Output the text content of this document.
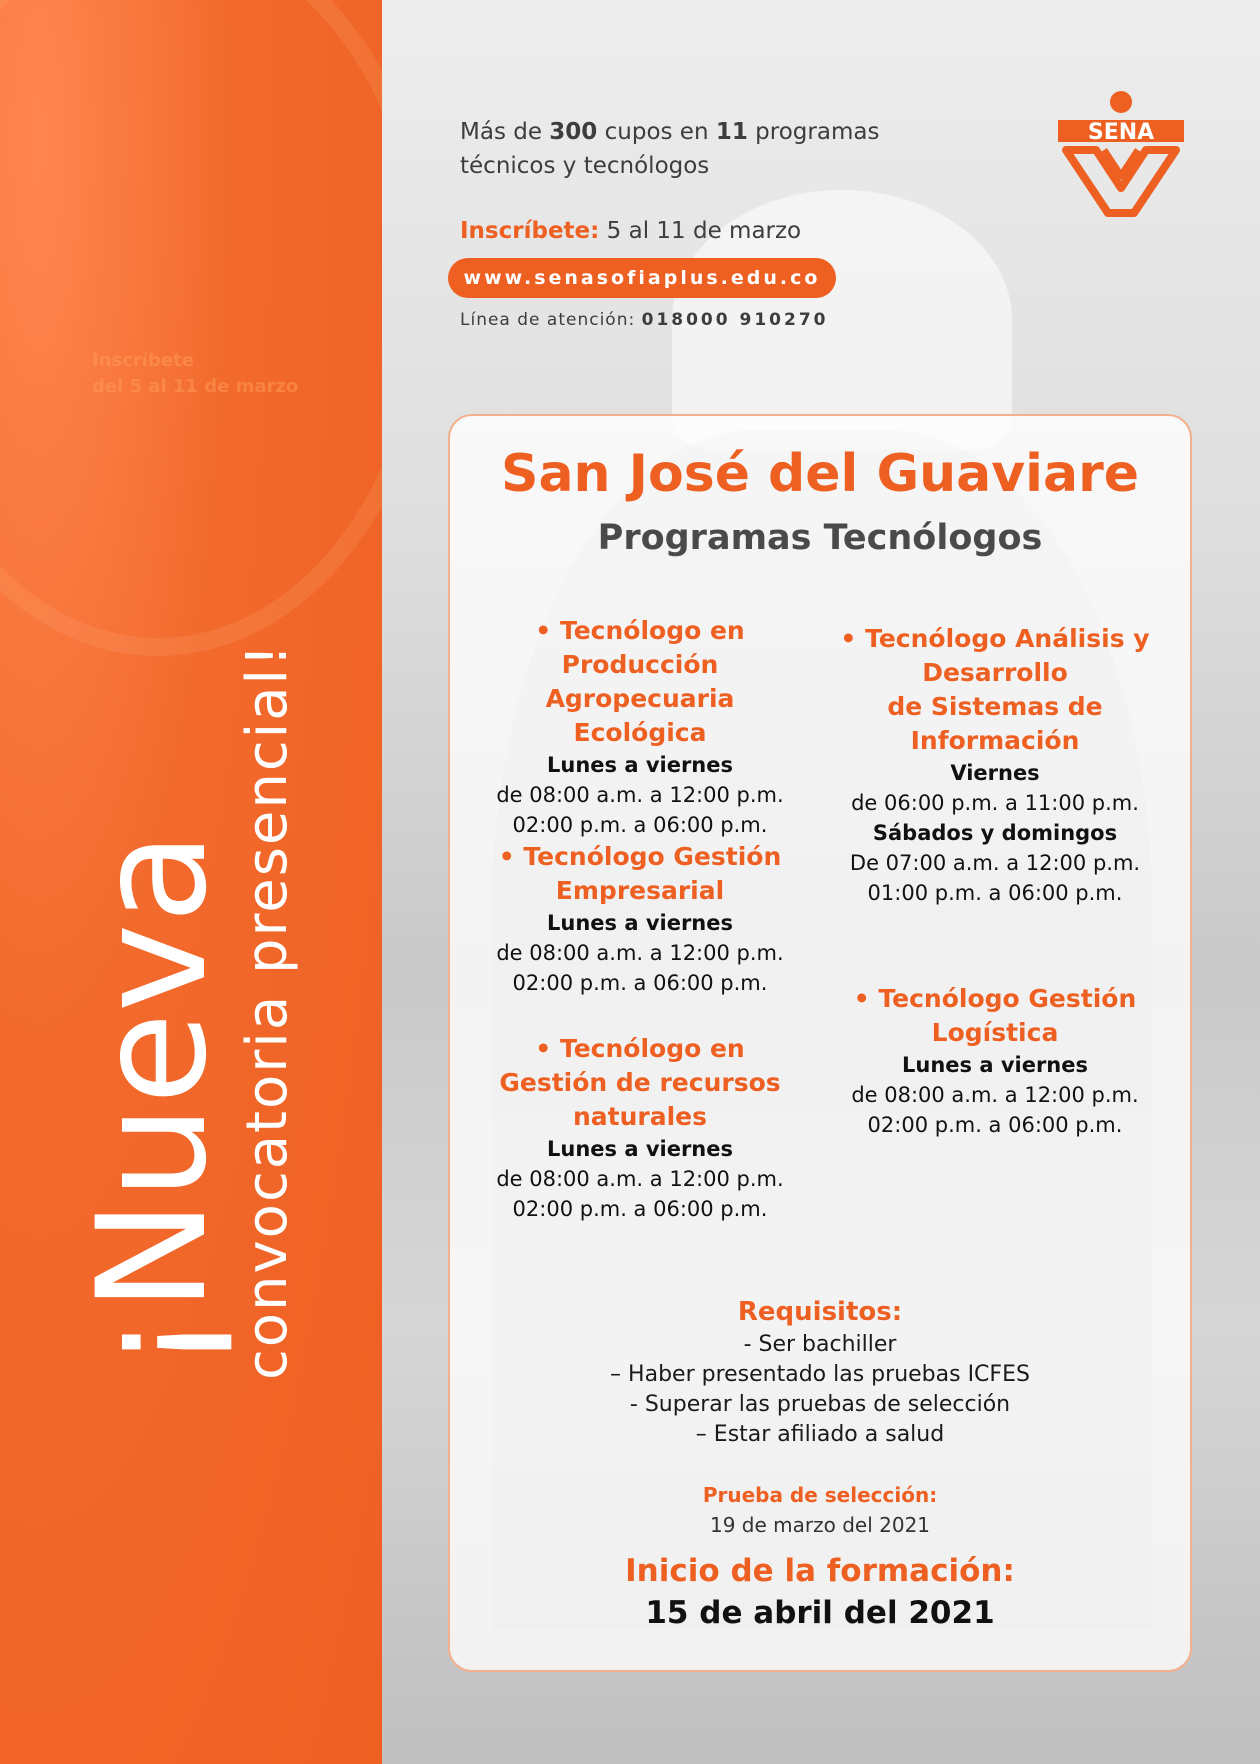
Inscríbete
del 5 al 11 de marzo
¡Nueva
convocatoria presencial!
Más de 300 cupos en 11 programas
técnicos y tecnólogos
Inscríbete: 5 al 11 de marzo
www.senasofiaplus.edu.co
Línea de atención: 018000 910270
SENA
San José del Guaviare
Programas Tecnólogos
• Tecnólogo en
Producción
Agropecuaria Ecológica
Lunes a viernes
de 08:00 a.m. a 12:00 p.m.
02:00 p.m. a 06:00 p.m.
• Tecnólogo Gestión
Empresarial
Lunes a viernes
de 08:00 a.m. a 12:00 p.m.
02:00 p.m. a 06:00 p.m.
• Tecnólogo en
Gestión de recursos
naturales
Lunes a viernes
de 08:00 a.m. a 12:00 p.m.
02:00 p.m. a 06:00 p.m.
• Tecnólogo Análisis y
Desarrollo
de Sistemas de
Información
Viernes
de 06:00 p.m. a 11:00 p.m.
Sábados y domingos
De 07:00 a.m. a 12:00 p.m.
01:00 p.m. a 06:00 p.m.
• Tecnólogo Gestión
Logística
Lunes a viernes
de 08:00 a.m. a 12:00 p.m.
02:00 p.m. a 06:00 p.m.
Requisitos:
- Ser bachiller
– Haber presentado las pruebas ICFES
- Superar las pruebas de selección
– Estar afiliado a salud
Prueba de selección:
19 de marzo del 2021
Inicio de la formación:
15 de abril del 2021
